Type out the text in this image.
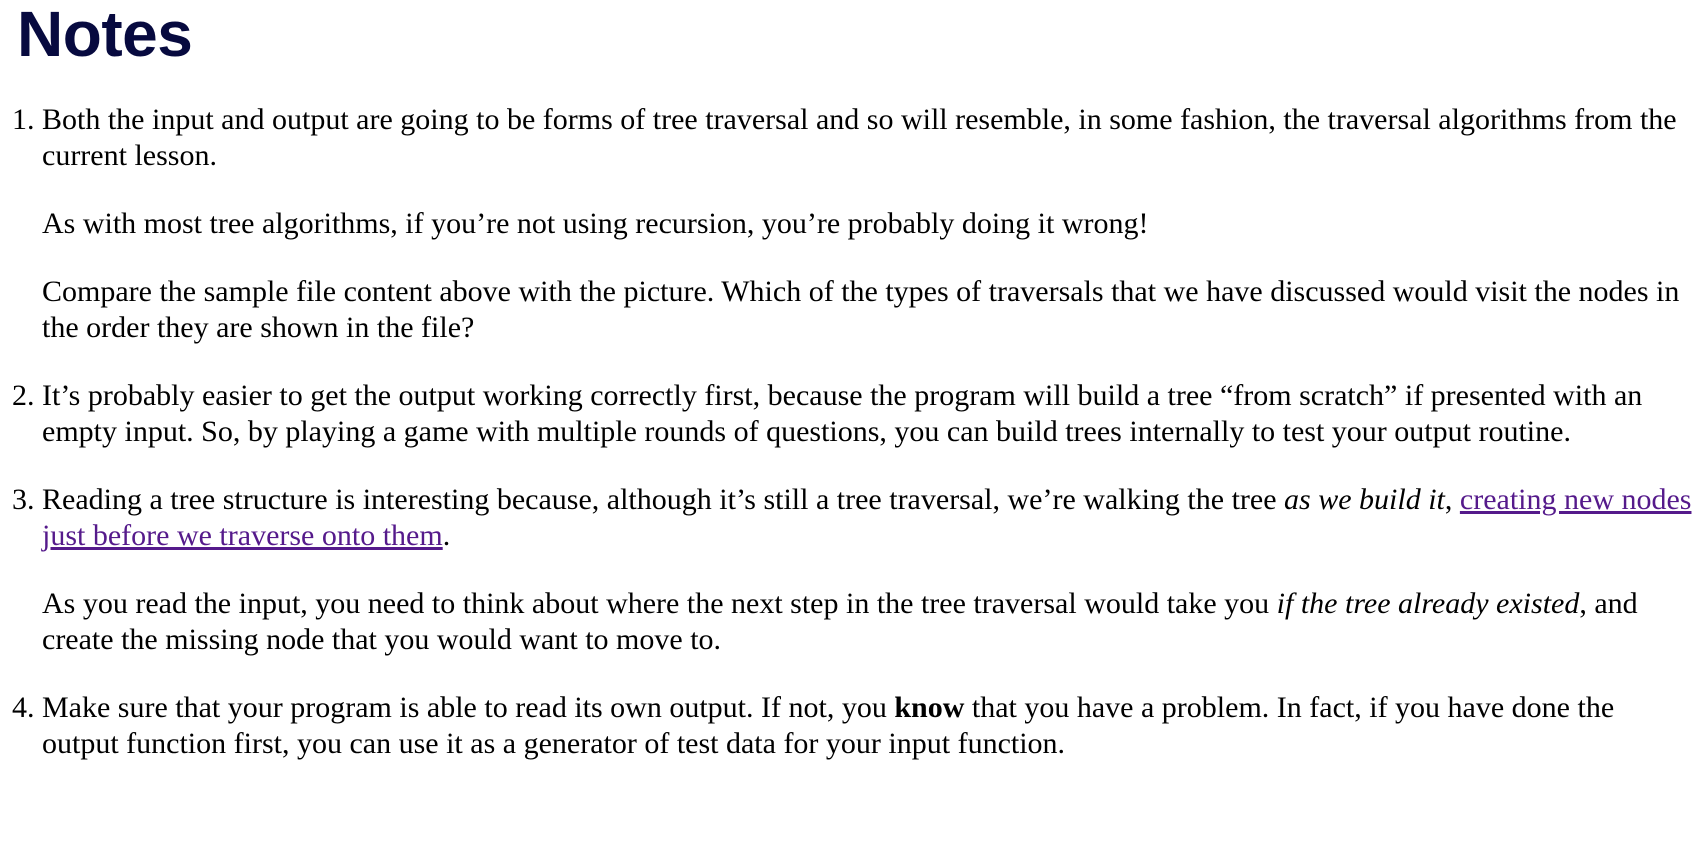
Notes

1. Both the input and output are going to be forms of tree traversal and so will resemble, in some fashion, the traversal algorithms from the current lesson.

As with most tree algorithms, if you’re not using recursion, you’re probably doing it wrong!

Compare the sample file content above with the picture. Which of the types of traversals that we have discussed would visit the nodes in the order they are shown in the file?

2. It’s probably easier to get the output working correctly first, because the program will build a tree “from scratch” if presented with an empty input. So, by playing a game with multiple rounds of questions, you can build trees internally to test your output routine.

3. Reading a tree structure is interesting because, although it’s still a tree traversal, we’re walking the tree as we build it, creating new nodes just before we traverse onto them.

As you read the input, you need to think about where the next step in the tree traversal would take you if the tree already existed, and create the missing node that you would want to move to.

4. Make sure that your program is able to read its own output. If not, you know that you have a problem. In fact, if you have done the output function first, you can use it as a generator of test data for your input function.
